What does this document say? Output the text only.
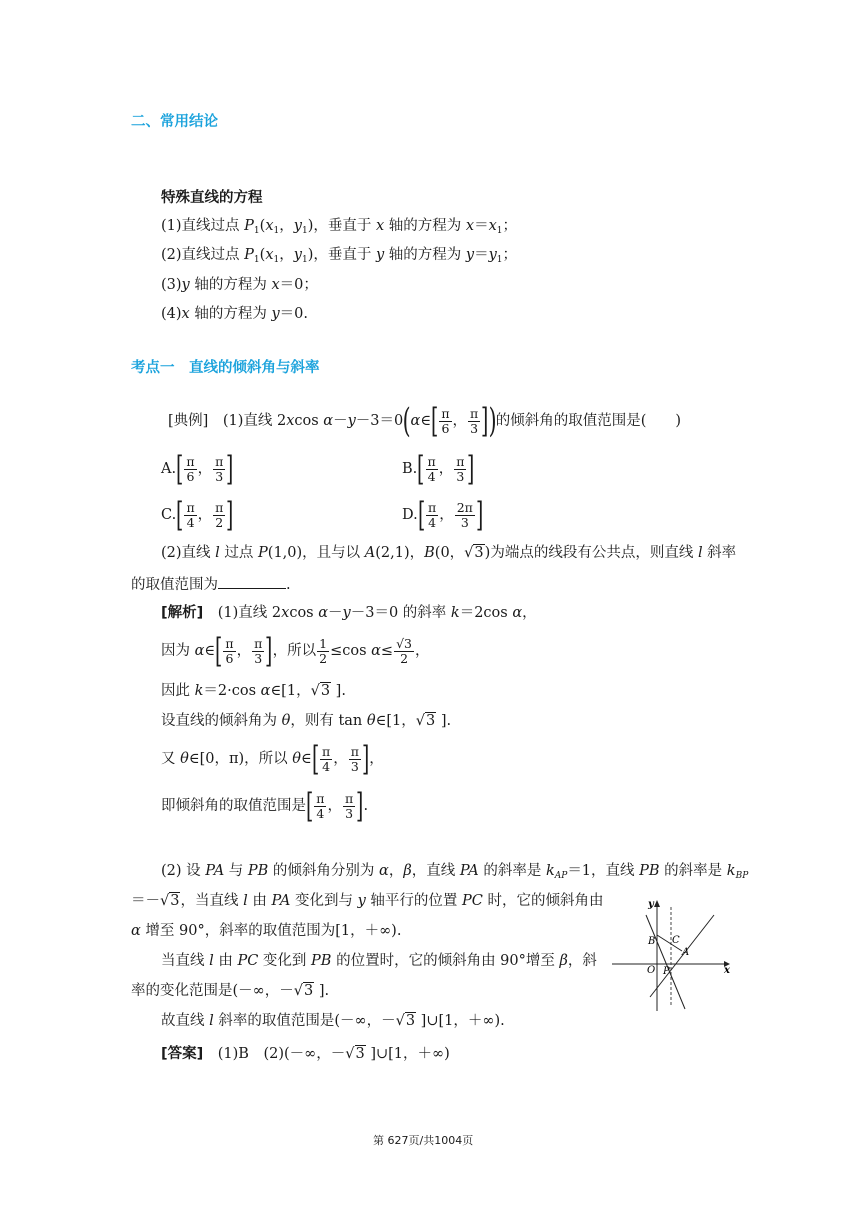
二、常用结论
特殊直线的方程
(1)直线过点 $P_1(x_1$，$y_1$)，垂直于 x 轴的方程为 $x=x_1$；
(2)直线过点 $P_1(x_1$，$y_1$)，垂直于 y 轴的方程为 $y=y_1$；
(3)y 轴的方程为 x＝0；
(4)x 轴的方程为 y＝0.
考点一　直线的倾斜角与斜率
[典例]　 (1)直线 2xcos α－y－3＝0(α∈[ $\frac{\pi}{6}$ ， $\frac{\pi}{3}$ ])的倾斜角的取值范围是(　　)
$A.[ \frac{\pi}{6}$ ， $\frac{\pi}{3}$ ]	$B.[ \frac{\pi}{4}$ ， $\frac{\pi}{3}$ ]
$C.[ \frac{\pi}{4}$ ， $\frac{\pi}{2}$ ]	$D.[ \frac{\pi}{4}$ ， $\frac{2\pi}{3}$ ]
(2)直线 l 过点 P(1,0)，且与以 A(2,1)，B(0，√3)为端点的线段有公共点，则直线 l 斜率
的取值范围为	.
[解析]　 (1)直线 2xcos α－y－3＝0 的斜率 k＝2cos α，
因为 α∈[ $\frac{\pi}{6}$ ， $\frac{\pi}{3}$ ]，所以 $\frac{1}{2} \le\cos$ $\alpha\le \frac{√3}{2}$ ，
因此 k＝2·cos α∈[1，√3 ].
设直线的倾斜角为 θ，则有 tan θ∈[1，√3 ].
又 θ∈[0，π)，所以 θ∈[ $\frac{\pi}{4}$ ， $\frac{\pi}{3}$ ]，
即倾斜角的取值范围是[ $\frac{\pi}{4}$ ， $\frac{\pi}{3}$ ].
(2) 设 PA 与 PB 的倾斜角分别为 α，β，直线 PA 的斜率是 $k_{AP}=1$，直线 PB 的斜率是 $k_{BP}$
＝－√3，当直线 l 由 PA 变化到与 y 轴平行的位置 PC 时，它的倾斜角由
α 增至 90°，斜率的取值范围为[1，＋∞).
当直线 l 由 PC 变化到 PB 的位置时，它的倾斜角由 90°增至 β，斜
率的变化范围是(－∞，－√3 ].
故直线 l 斜率的取值范围是(－∞，－√3 ]∪[1，＋∞).
[答案]　 (1)B　(2)(－∞，－√3 ]∪[1，＋∞)
x
y
O
B C
A
P
第 627页/共1004页
